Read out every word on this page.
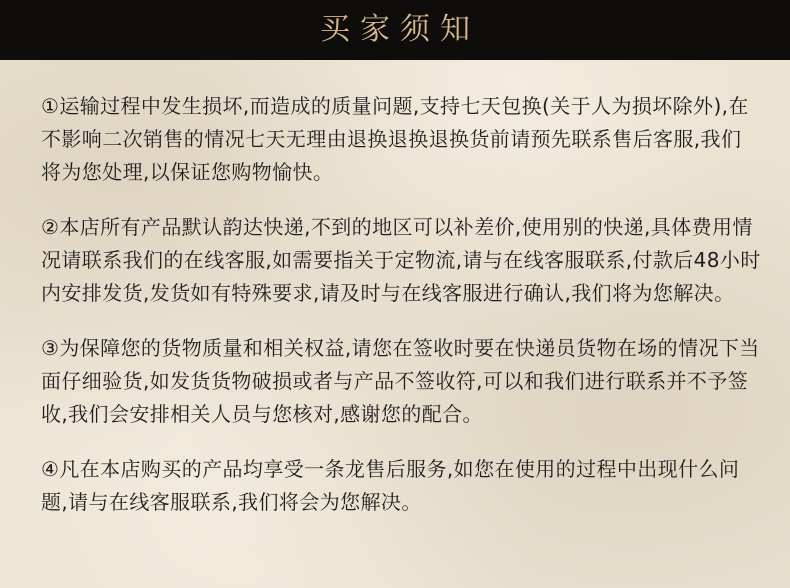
买家须知

①运输过程中发生损坏,而造成的质量问题,支持七天包换(关于人为损坏除外),在不影响二次销售的情况七天无理由退换退换退换货前请预先联系售后客服,我们将为您处理,以保证您购物愉快。

②本店所有产品默认韵达快递,不到的地区可以补差价,使用别的快递,具体费用情况请联系我们的在线客服,如需要指关于定物流,请与在线客服联系,付款后48小时内安排发货,发货如有特殊要求,请及时与在线客服进行确认,我们将为您解决。

③为保障您的货物质量和相关权益,请您在签收时要在快递员货物在场的情况下当面仔细验货,如发货货物破损或者与产品不签收符,可以和我们进行联系并不予签收,我们会安排相关人员与您核对,感谢您的配合。

④凡在本店购买的产品均享受一条龙售后服务,如您在使用的过程中出现什么问题,请与在线客服联系,我们将会为您解决。
